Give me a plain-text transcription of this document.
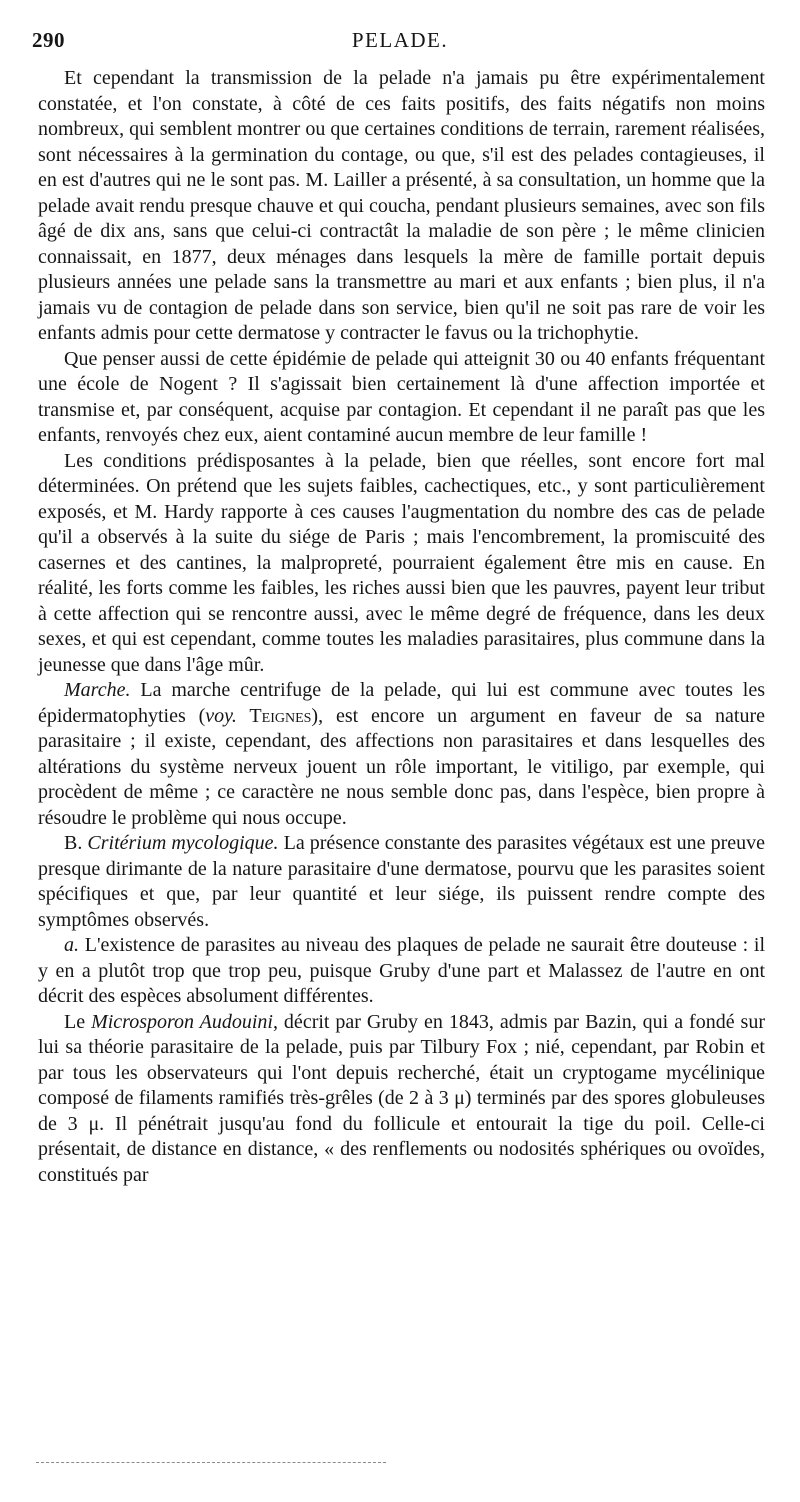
290	PELADE.

Et cependant la transmission de la pelade n'a jamais pu être expérimentalement constatée, et l'on constate, à côté de ces faits positifs, des faits négatifs non moins nombreux, qui semblent montrer ou que certaines conditions de terrain, rarement réalisées, sont nécessaires à la germination du contage, ou que, s'il est des pelades contagieuses, il en est d'autres qui ne le sont pas. M. Lailler a présenté, à sa consultation, un homme que la pelade avait rendu presque chauve et qui coucha, pendant plusieurs semaines, avec son fils âgé de dix ans, sans que celui-ci contractât la maladie de son père ; le même clinicien connaissait, en 1877, deux ménages dans lesquels la mère de famille portait depuis plusieurs années une pelade sans la transmettre au mari et aux enfants ; bien plus, il n'a jamais vu de contagion de pelade dans son service, bien qu'il ne soit pas rare de voir les enfants admis pour cette dermatose y contracter le favus ou la trichophytie.

Que penser aussi de cette épidémie de pelade qui atteignit 30 ou 40 enfants fréquentant une école de Nogent ? Il s'agissait bien certainement là d'une affection importée et transmise et, par conséquent, acquise par contagion. Et cependant il ne paraît pas que les enfants, renvoyés chez eux, aient contaminé aucun membre de leur famille !

Les conditions prédisposantes à la pelade, bien que réelles, sont encore fort mal déterminées. On prétend que les sujets faibles, cachectiques, etc., y sont particulièrement exposés, et M. Hardy rapporte à ces causes l'augmentation du nombre des cas de pelade qu'il a observés à la suite du siége de Paris ; mais l'encombrement, la promiscuité des casernes et des cantines, la malpropreté, pourraient également être mis en cause. En réalité, les forts comme les faibles, les riches aussi bien que les pauvres, payent leur tribut à cette affection qui se rencontre aussi, avec le même degré de fréquence, dans les deux sexes, et qui est cependant, comme toutes les maladies parasitaires, plus commune dans la jeunesse que dans l'âge mûr.

Marche. La marche centrifuge de la pelade, qui lui est commune avec toutes les épidermatophyties (voy. Teignes), est encore un argument en faveur de sa nature parasitaire ; il existe, cependant, des affections non parasitaires et dans lesquelles des altérations du système nerveux jouent un rôle important, le vitiligo, par exemple, qui procèdent de même ; ce caractère ne nous semble donc pas, dans l'espèce, bien propre à résoudre le problème qui nous occupe.

B. Critérium mycologique. La présence constante des parasites végétaux est une preuve presque dirimante de la nature parasitaire d'une dermatose, pourvu que les parasites soient spécifiques et que, par leur quantité et leur siége, ils puissent rendre compte des symptômes observés.

a. L'existence de parasites au niveau des plaques de pelade ne saurait être douteuse : il y en a plutôt trop que trop peu, puisque Gruby d'une part et Malassez de l'autre en ont décrit des espèces absolument différentes.

Le Microsporon Audouini, décrit par Gruby en 1843, admis par Bazin, qui a fondé sur lui sa théorie parasitaire de la pelade, puis par Tilbury Fox ; nié, cependant, par Robin et par tous les observateurs qui l'ont depuis recherché, était un cryptogame mycélinique composé de filaments ramifiés très-grêles (de 2 à 3 μ) terminés par des spores globuleuses de 3 μ. Il pénétrait jusqu'au fond du follicule et entourait la tige du poil. Celle-ci présentait, de distance en distance, « des renflements ou nodosités sphériques ou ovoïdes, constitués par
